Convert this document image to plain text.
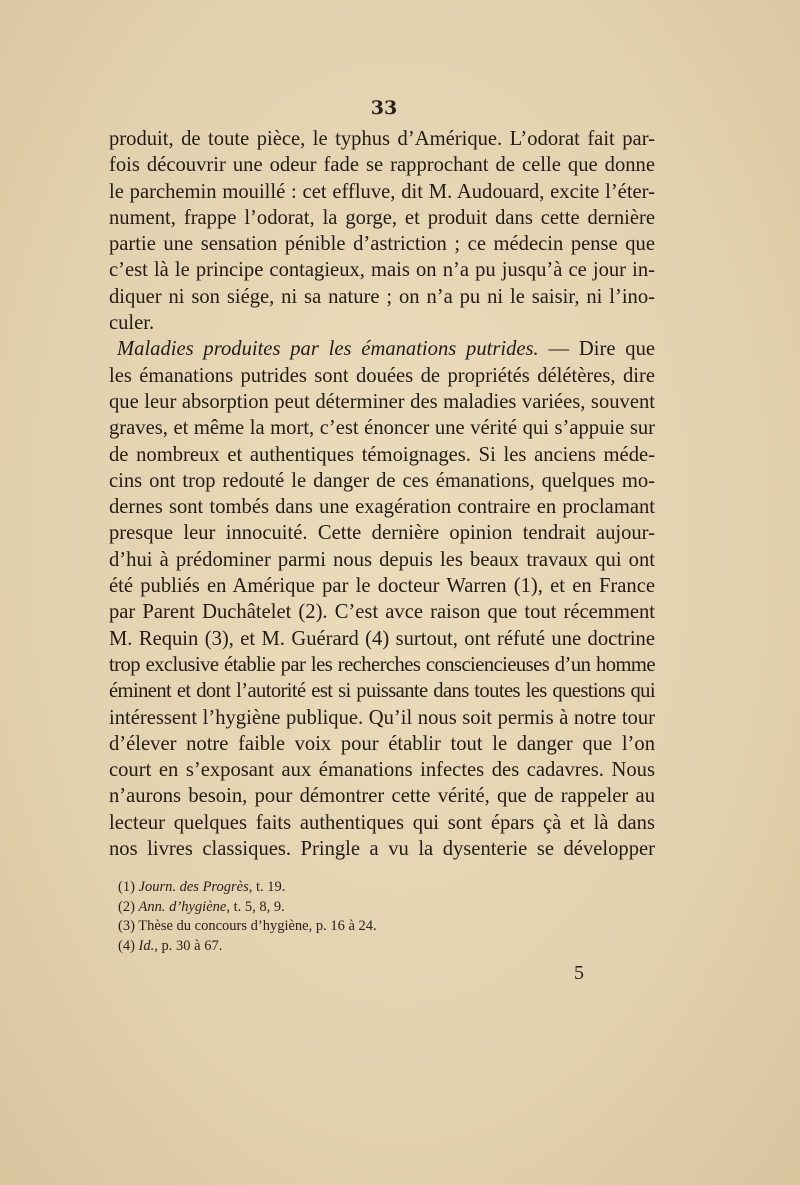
33
produit, de toute pièce, le typhus d’Amérique. L’odorat fait par-
fois découvrir une odeur fade se rapprochant de celle que donne
le parchemin mouillé : cet effluve, dit M. Audouard, excite l’éter-
nument, frappe l’odorat, la gorge, et produit dans cette dernière
partie une sensation pénible d’astriction ; ce médecin pense que
c’est là le principe contagieux, mais on n’a pu jusqu’à ce jour in-
diquer ni son siége, ni sa nature ; on n’a pu ni le saisir, ni l’ino-
culer.
Maladies produites par les émanations putrides. — Dire que
les émanations putrides sont douées de propriétés délétères, dire
que leur absorption peut déterminer des maladies variées, souvent
graves, et même la mort, c’est énoncer une vérité qui s’appuie sur
de nombreux et authentiques témoignages. Si les anciens méde-
cins ont trop redouté le danger de ces émanations, quelques mo-
dernes sont tombés dans une exagération contraire en proclamant
presque leur innocuité. Cette dernière opinion tendrait aujour-
d’hui à prédominer parmi nous depuis les beaux travaux qui ont
été publiés en Amérique par le docteur Warren (1), et en France
par Parent Duchâtelet (2). C’est avce raison que tout récemment
M. Requin (3), et M. Guérard (4) surtout, ont réfuté une doctrine
trop exclusive établie par les recherches consciencieuses d’un homme
éminent et dont l’autorité est si puissante dans toutes les questions qui
intéressent l’hygiène publique. Qu’il nous soit permis à notre tour
d’élever notre faible voix pour établir tout le danger que l’on
court en s’exposant aux émanations infectes des cadavres. Nous
n’aurons besoin, pour démontrer cette vérité, que de rappeler au
lecteur quelques faits authentiques qui sont épars çà et là dans
nos livres classiques. Pringle a vu la dysenterie se développer
(1) Journ. des Progrès, t. 19.
(2) Ann. d’hygiène, t. 5, 8, 9.
(3) Thèse du concours d’hygiène, p. 16 à 24.
(4) Id., p. 30 à 67.
5
